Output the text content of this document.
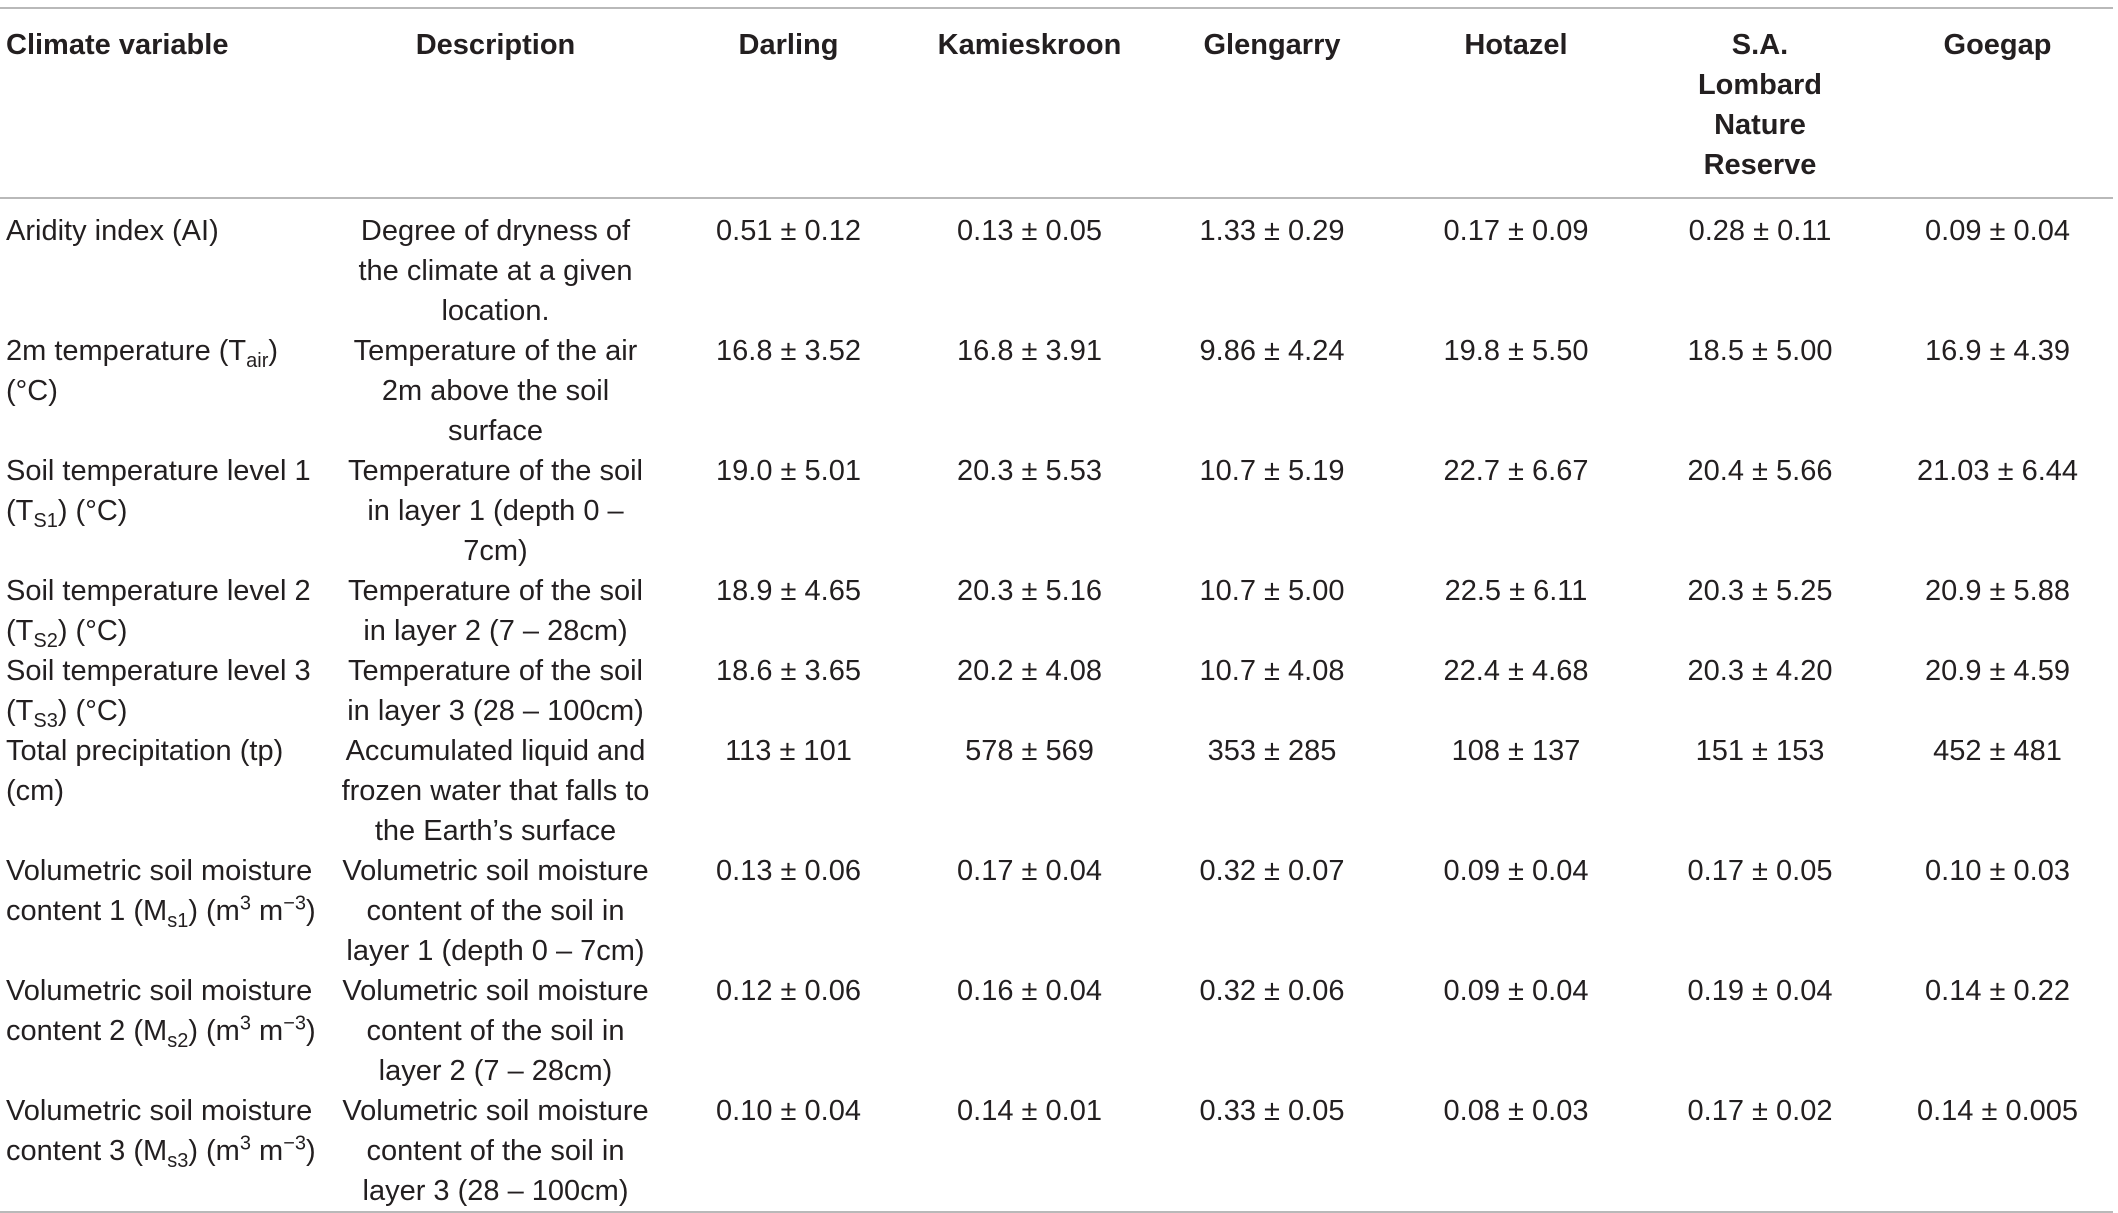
Climate variable	Description	Darling	Kamieskroon	Glengarry	Hotazel	S.A. Lombard Nature Reserve	Goegap
Aridity index (AI)	Degree of dryness of the climate at a given location.	0.51 ± 0.12	0.13 ± 0.05	1.33 ± 0.29	0.17 ± 0.09	0.28 ± 0.11	0.09 ± 0.04
2m temperature $(T_{air})$ (°C)	Temperature of the air 2m above the soil surface	16.8 ± 3.52	16.8 ± 3.91	9.86 ± 4.24	19.8 ± 5.50	18.5 ± 5.00	16.9 ± 4.39
Soil temperature level 1 $(T_{S1})$ (°C)	Temperature of the soil in layer 1 (depth 0 – 7cm)	19.0 ± 5.01	20.3 ± 5.53	10.7 ± 5.19	22.7 ± 6.67	20.4 ± 5.66	21.03 ± 6.44
Soil temperature level 2 $(T_{S2})$ (°C)	Temperature of the soil in layer 2 (7 – 28cm)	18.9 ± 4.65	20.3 ± 5.16	10.7 ± 5.00	22.5 ± 6.11	20.3 ± 5.25	20.9 ± 5.88
Soil temperature level 3 $(T_{S3})$ (°C)	Temperature of the soil in layer 3 (28 – 100cm)	18.6 ± 3.65	20.2 ± 4.08	10.7 ± 4.08	22.4 ± 4.68	20.3 ± 4.20	20.9 ± 4.59
Total precipitation (tp) (cm)	Accumulated liquid and frozen water that falls to the Earth’s surface	113 ± 101	578 ± 569	353 ± 285	108 ± 137	151 ± 153	452 ± 481
Volumetric soil moisture content 1 $(M_{s1})$ ($m^3$ $m^{-3}$)	Volumetric soil moisture content of the soil in layer 1 (depth 0 – 7cm)	0.13 ± 0.06	0.17 ± 0.04	0.32 ± 0.07	0.09 ± 0.04	0.17 ± 0.05	0.10 ± 0.03
Volumetric soil moisture content 2 $(M_{s2})$ ($m^3$ $m^{-3}$)	Volumetric soil moisture content of the soil in layer 2 (7 – 28cm)	0.12 ± 0.06	0.16 ± 0.04	0.32 ± 0.06	0.09 ± 0.04	0.19 ± 0.04	0.14 ± 0.22
Volumetric soil moisture content 3 $(M_{s3})$ ($m^3$ $m^{-3}$)	Volumetric soil moisture content of the soil in layer 3 (28 – 100cm)	0.10 ± 0.04	0.14 ± 0.01	0.33 ± 0.05	0.08 ± 0.03	0.17 ± 0.02	0.14 ± 0.005
